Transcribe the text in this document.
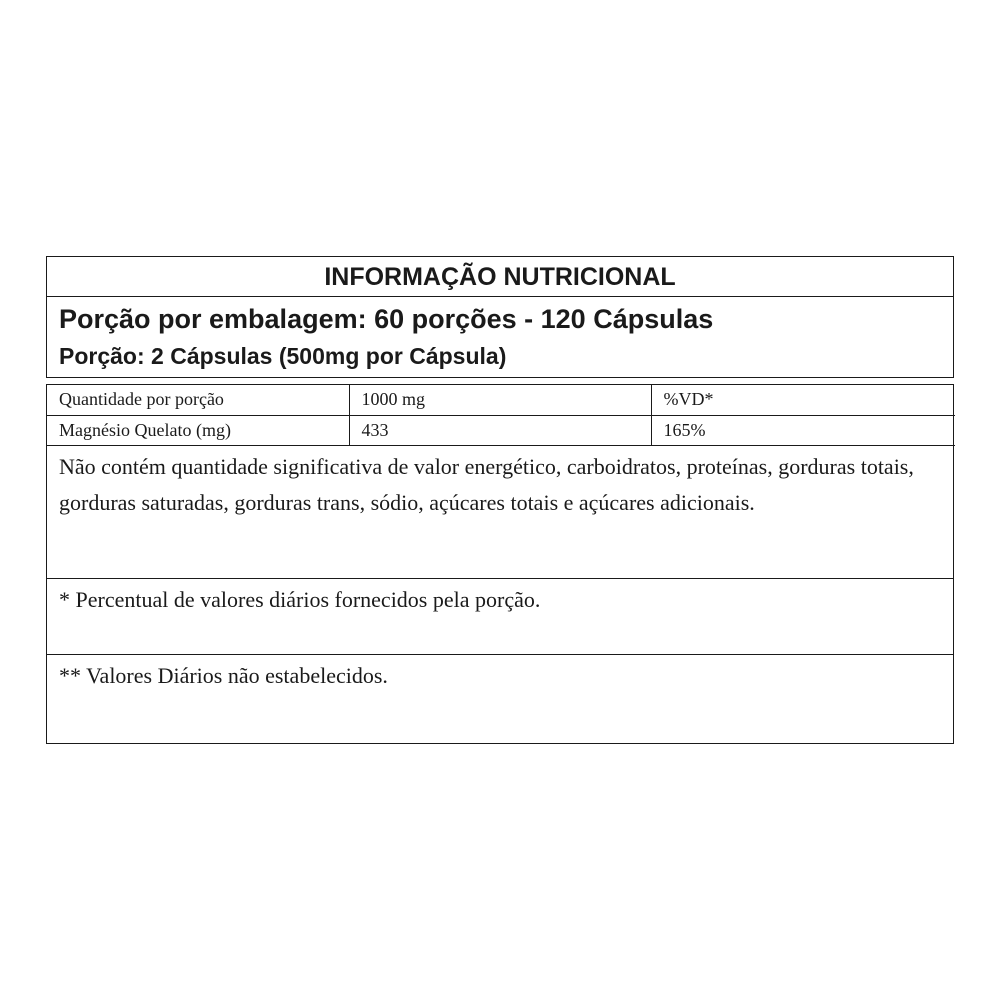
INFORMAÇÃO NUTRICIONAL
Porção por embalagem: 60 porções - 120 Cápsulas
Porção: 2 Cápsulas (500mg por Cápsula)
Quantidade por porção	1000 mg	%VD*
Magnésio Quelato (mg)	433	165%
Não contém quantidade significativa de valor energético, carboidratos, proteínas, gorduras totais, gorduras saturadas, gorduras trans, sódio, açúcares totais e açúcares adicionais.
* Percentual de valores diários fornecidos pela porção.
** Valores Diários não estabelecidos.
